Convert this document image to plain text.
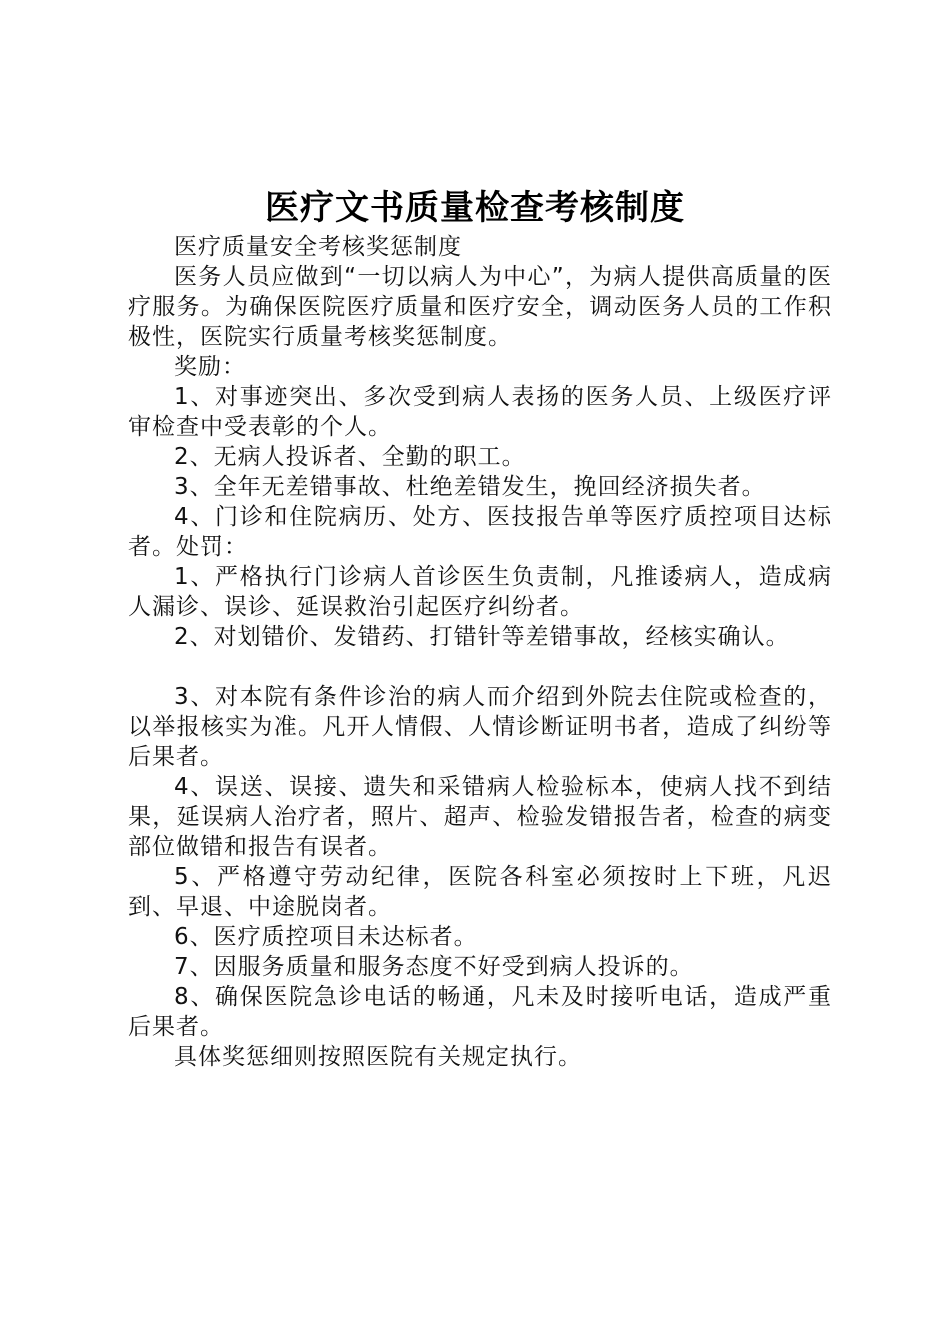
医疗文书质量检查考核制度

医疗质量安全考核奖惩制度

医务人员应做到“一切以病人为中心”，为病人提供高质量的医疗服务。为确保医院医疗质量和医疗安全，调动医务人员的工作积极性，医院实行质量考核奖惩制度。

奖励：

1、对事迹突出、多次受到病人表扬的医务人员、上级医疗评审检查中受表彰的个人。

2、无病人投诉者、全勤的职工。

3、全年无差错事故、杜绝差错发生，挽回经济损失者。

4、门诊和住院病历、处方、医技报告单等医疗质控项目达标者。处罚：

1、严格执行门诊病人首诊医生负责制，凡推诿病人，造成病人漏诊、误诊、延误救治引起医疗纠纷者。

2、对划错价、发错药、打错针等差错事故，经核实确认。

3、对本院有条件诊治的病人而介绍到外院去住院或检查的，以举报核实为准。凡开人情假、人情诊断证明书者，造成了纠纷等后果者。

4、误送、误接、遗失和采错病人检验标本，使病人找不到结果，延误病人治疗者，照片、超声、检验发错报告者，检查的病变部位做错和报告有误者。

5、严格遵守劳动纪律，医院各科室必须按时上下班，凡迟到、早退、中途脱岗者。

6、医疗质控项目未达标者。

7、因服务质量和服务态度不好受到病人投诉的。

8、确保医院急诊电话的畅通，凡未及时接听电话，造成严重后果者。

具体奖惩细则按照医院有关规定执行。
